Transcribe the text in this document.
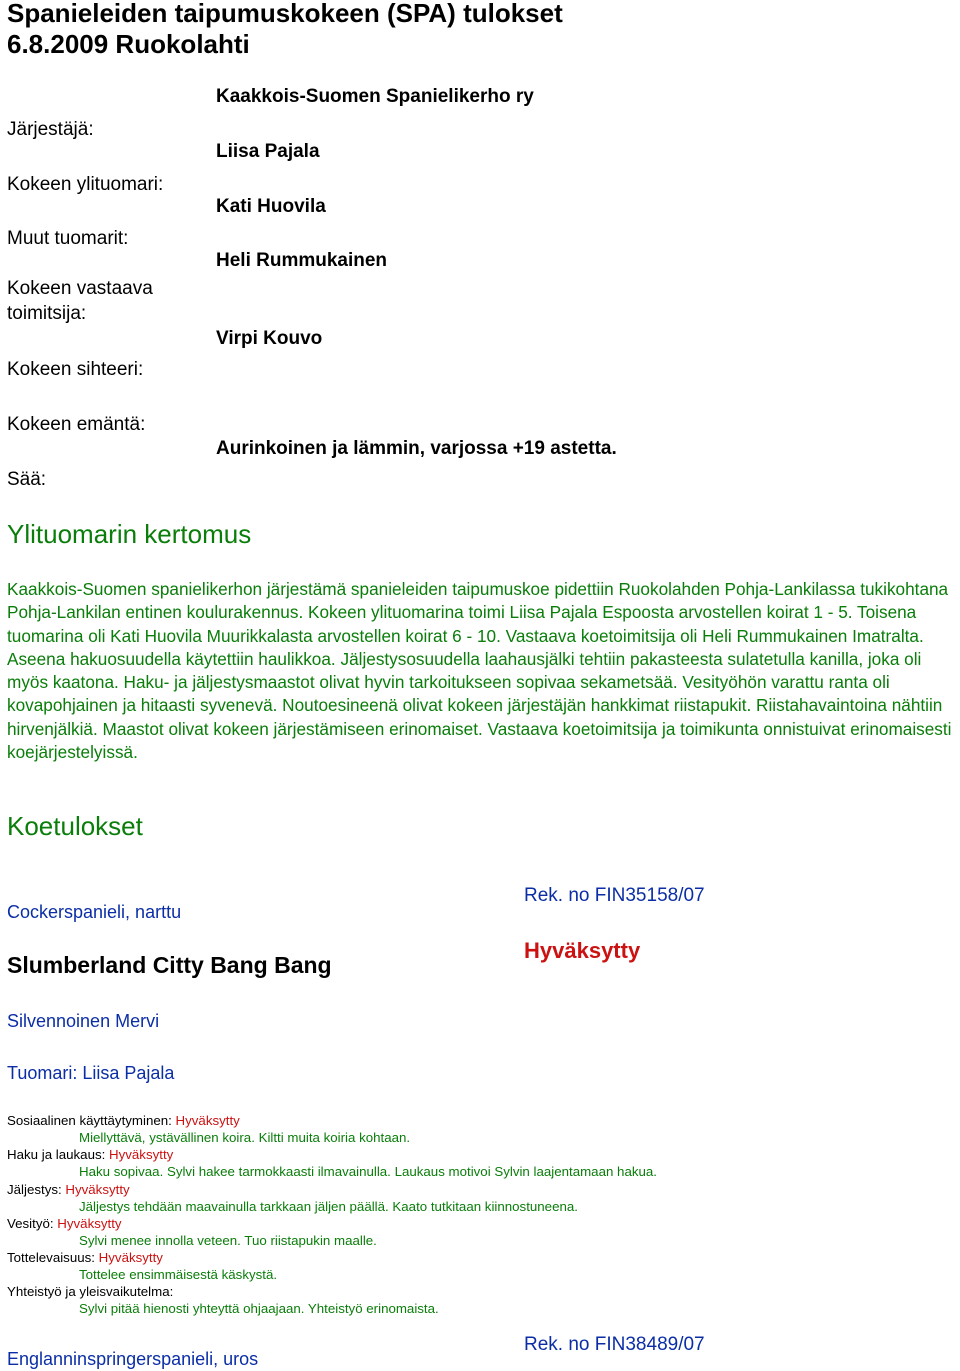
Spanieleiden taipumuskokeen (SPA) tulokset
6.8.2009 Ruokolahti
Järjestäjä:
Kokeen ylituomari:
Muut tuomarit:
Kokeen vastaava
toimitsija:
Kokeen sihteeri:
Kokeen emäntä:
Sää:
Kaakkois-Suomen Spanielikerho ry
Liisa Pajala
Kati Huovila
Heli Rummukainen
Virpi Kouvo
Aurinkoinen ja lämmin, varjossa +19 astetta.
Ylituomarin kertomus
Kaakkois-Suomen spanielikerhon järjestämä spanieleiden taipumuskoe pidettiin Ruokolahden Pohja-Lankilassa tukikohtana Pohja-Lankilan entinen koulurakennus. Kokeen ylituomarina toimi Liisa Pajala Espoosta arvostellen koirat 1 - 5. Toisena tuomarina oli Kati Huovila Muurikkalasta arvostellen koirat 6 - 10. Vastaava koetoimitsija oli Heli Rummukainen Imatralta. Aseena hakuosuudella käytettiin haulikkoa. Jäljestysosuudella laahausjälki tehtiin pakasteesta sulatetulla kanilla, joka oli myös kaatona. Haku- ja jäljestysmaastot olivat hyvin tarkoitukseen sopivaa sekametsää. Vesityöhön varattu ranta oli kovapohjainen ja hitaasti syvenevä. Noutoesineenä olivat kokeen järjestäjän hankkimat riistapukit. Riistahavaintoina nähtiin hirvenjälkiä. Maastot olivat kokeen järjestämiseen erinomaiset. Vastaava koetoimitsija ja toimikunta onnistuivat erinomaisesti koejärjestelyissä.
Koetulokset
Cockerspanieli, narttu
Rek. no FIN35158/07
Hyväksytty
Slumberland Citty Bang Bang
Silvennoinen Mervi
Tuomari: Liisa Pajala
Sosiaalinen käyttäytyminen: Hyväksytty
Miellyttävä, ystävällinen koira. Kiltti muita koiria kohtaan.
Haku ja laukaus: Hyväksytty
Haku sopivaa. Sylvi hakee tarmokkaasti ilmavainulla. Laukaus motivoi Sylvin laajentamaan hakua.
Jäljestys: Hyväksytty
Jäljestys tehdään maavainulla tarkkaan jäljen päällä. Kaato tutkitaan kiinnostuneena.
Vesityö: Hyväksytty
Sylvi menee innolla veteen. Tuo riistapukin maalle.
Tottelevaisuus: Hyväksytty
Tottelee ensimmäisestä käskystä.
Yhteistyö ja yleisvaikutelma:
Sylvi pitää hienosti yhteyttä ohjaajaan. Yhteistyö erinomaista.
Rek. no FIN38489/07
Englanninspringerspanieli, uros
